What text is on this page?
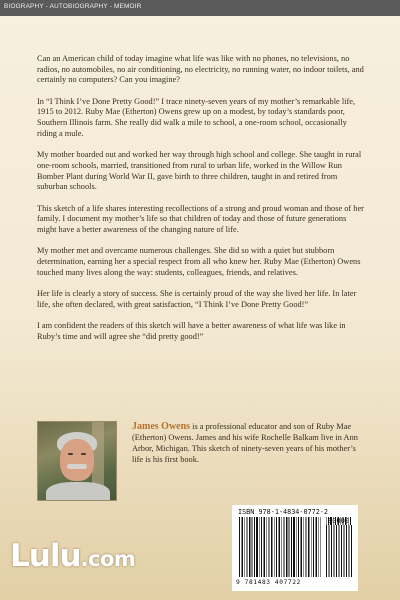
BIOGRAPHY - AUTOBIOGRAPHY - MEMOIR

Can an American child of today imagine what life was like with no phones, no televisions, no radios, no automobiles, no air conditioning, no electricity, no running water, no indoor toilets, and certainly no computers? Can you imagine?

In “I Think I’ve Done Pretty Good!” I trace ninety-seven years of my mother’s remarkable life, 1915 to 2012. Ruby Mae (Etherton) Owens grew up on a modest, by today’s standards poor, Southern Illinois farm. She really did walk a mile to school, a one-room school, occasionally riding a mule.

My mother boarded out and worked her way through high school and college. She taught in rural one-room schools, married, transitioned from rural to urban life, worked in the Willow Run Bomber Plant during World War II, gave birth to three children, taught in and retired from suburban schools.

This sketch of a life shares interesting recollections of a strong and proud woman and those of her family. I document my mother’s life so that children of today and those of future generations might have a better awareness of the changing nature of life.

My mother met and overcame numerous challenges. She did so with a quiet but stubborn determination, earning her a special respect from all who knew her. Ruby Mae (Etherton) Owens touched many lives along the way: students, colleagues, friends, and relatives.

Her life is clearly a story of success. She is certainly proud of the way she lived her life. In later life, she often declared, with great satisfaction, “I Think I’ve Done Pretty Good!”

I am confident the readers of this sketch will have a better awareness of what life was like in Ruby’s time and will agree she “did pretty good!”

James Owens is a professional educator and son of Ruby Mae (Etherton) Owens. James and his wife Rochelle Balkam live in Ann Arbor, Michigan. This sketch of ninety-seven years of his mother’s life is his first book.
Lulu.com
ISBN 978-1-4834-0772-2
90000
9 781483 407722
